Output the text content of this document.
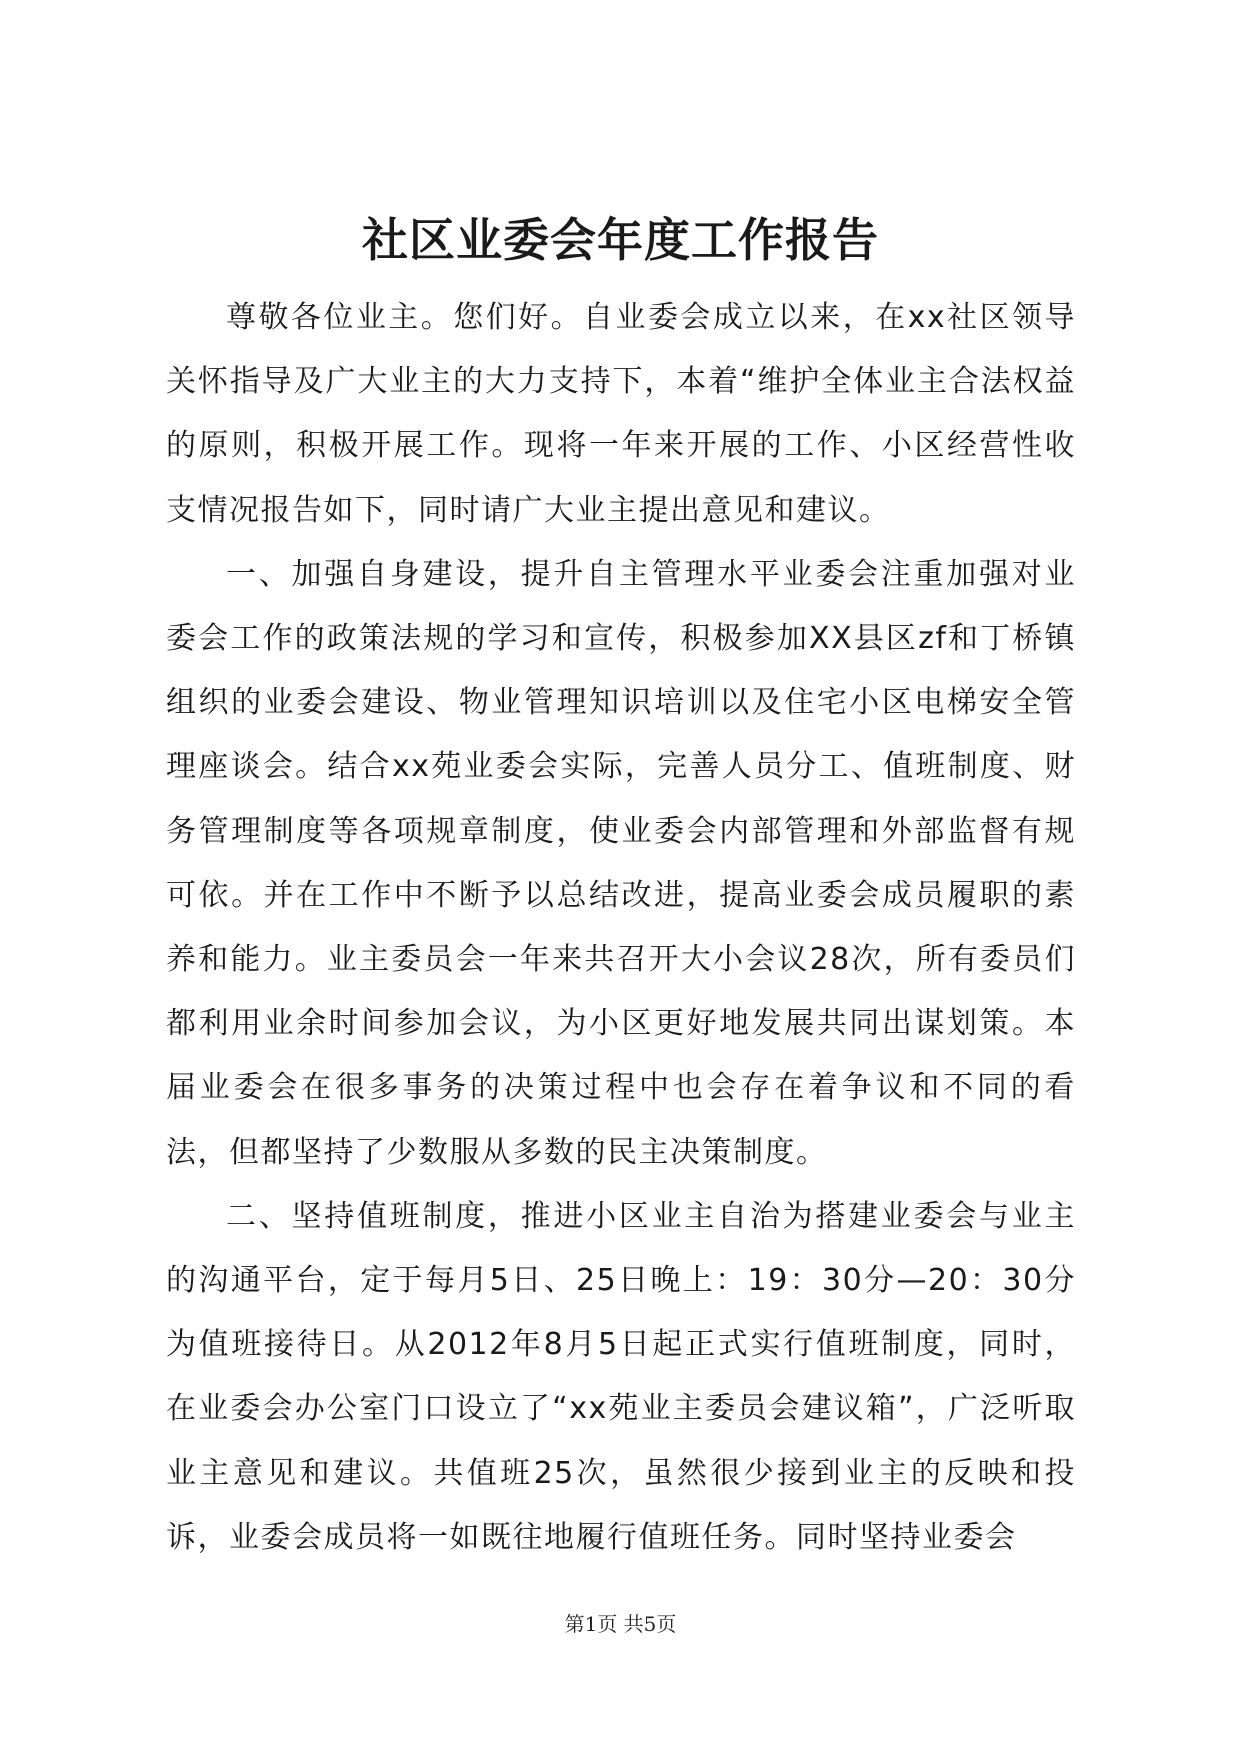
社区业委会年度工作报告

尊敬各位业主。您们好。自业委会成立以来，在xx社区领导关怀指导及广大业主的大力支持下，本着“维护全体业主合法权益的原则，积极开展工作。现将一年来开展的工作、小区经营性收支情况报告如下，同时请广大业主提出意见和建议。

一、加强自身建设，提升自主管理水平业委会注重加强对业委会工作的政策法规的学习和宣传，积极参加XX县区zf和丁桥镇组织的业委会建设、物业管理知识培训以及住宅小区电梯安全管理座谈会。结合xx苑业委会实际，完善人员分工、值班制度、财务管理制度等各项规章制度，使业委会内部管理和外部监督有规可依。并在工作中不断予以总结改进，提高业委会成员履职的素养和能力。业主委员会一年来共召开大小会议28次，所有委员们都利用业余时间参加会议，为小区更好地发展共同出谋划策。本届业委会在很多事务的决策过程中也会存在着争议和不同的看法，但都坚持了少数服从多数的民主决策制度。

二、坚持值班制度，推进小区业主自治为搭建业委会与业主的沟通平台，定于每月5日、25日晚上：19：30分—20：30分为值班接待日。从2012年8月5日起正式实行值班制度，同时，在业委会办公室门口设立了“xx苑业主委员会建议箱”，广泛听取业主意见和建议。共值班25次，虽然很少接到业主的反映和投诉，业委会成员将一如既往地履行值班任务。同时坚持业委会

第1页 共5页
